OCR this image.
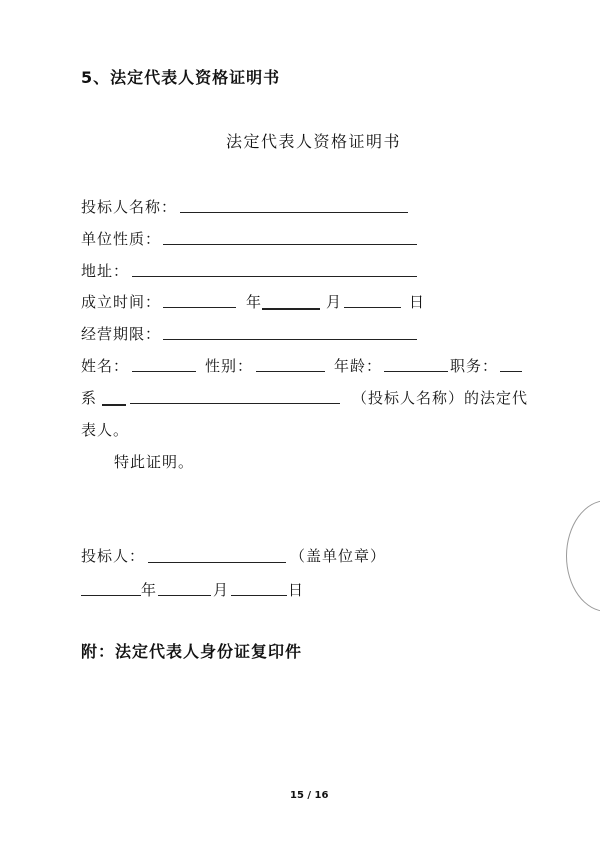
5、法定代表人资格证明书
法定代表人资格证明书
投标人名称：
单位性质：
地址：
成立时间：	年	月	日
经营期限：
姓名：	性别：	年龄：	职务：
系	（投标人名称）的法定代
表人。
特此证明。
投标人：	（盖单位章）
年	月	日
附：法定代表人身份证复印件
15 / 16
